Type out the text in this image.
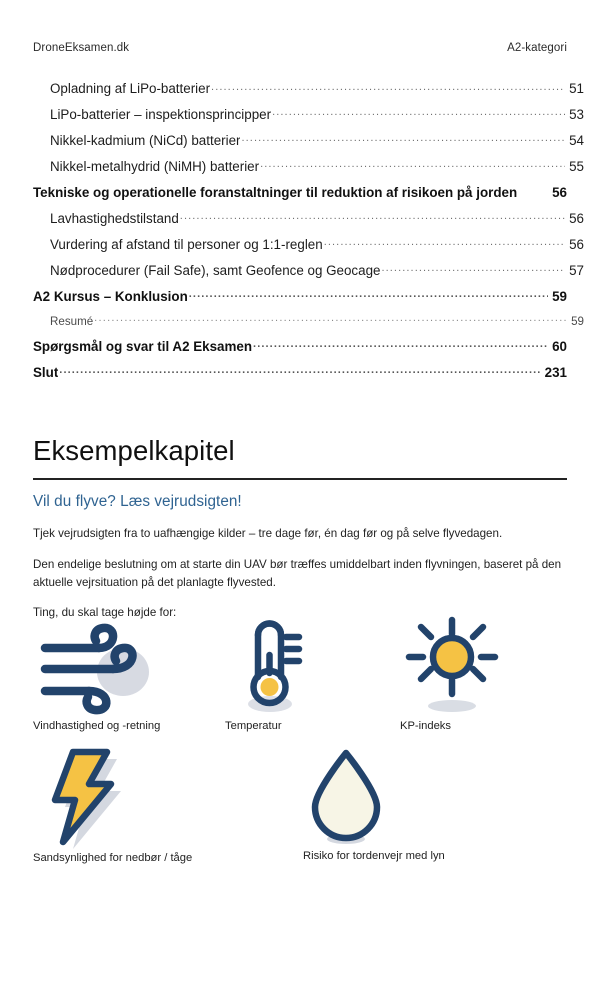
DroneEksamen.dk	A2-kategori
Opladning af LiPo-batterier .....	51
LiPo-batterier – inspektionsprincipper .....	53
Nikkel-kadmium (NiCd) batterier .....	54
Nikkel-metalhydrid (NiMH) batterier .....	55
Tekniske og operationelle foranstaltninger til reduktion af risikoen på jorden	56
Lavhastighedstilstand .....	56
Vurdering af afstand til personer og 1:1-reglen .....	56
Nødprocedurer (Fail Safe), samt Geofence og Geocage .....	57
A2 Kursus – Konklusion .....	59
Resumé .....	59
Spørgsmål og svar til A2 Eksamen .....	60
Slut .....	231
Eksempelkapitel
Vil du flyve? Læs vejrudsigten!
Tjek vejrudsigten fra to uafhængige kilder – tre dage før, én dag før og på selve flyvedagen.
Den endelige beslutning om at starte din UAV bør træffes umiddelbart inden flyvningen, baseret på den aktuelle vejrsituation på det planlagte flyvested.
Ting, du skal tage højde for:
Vindhastighed og -retning	Temperatur	KP-indeks
Sandsynlighed for nedbør / tåge	Risiko for tordenvejr med lyn
